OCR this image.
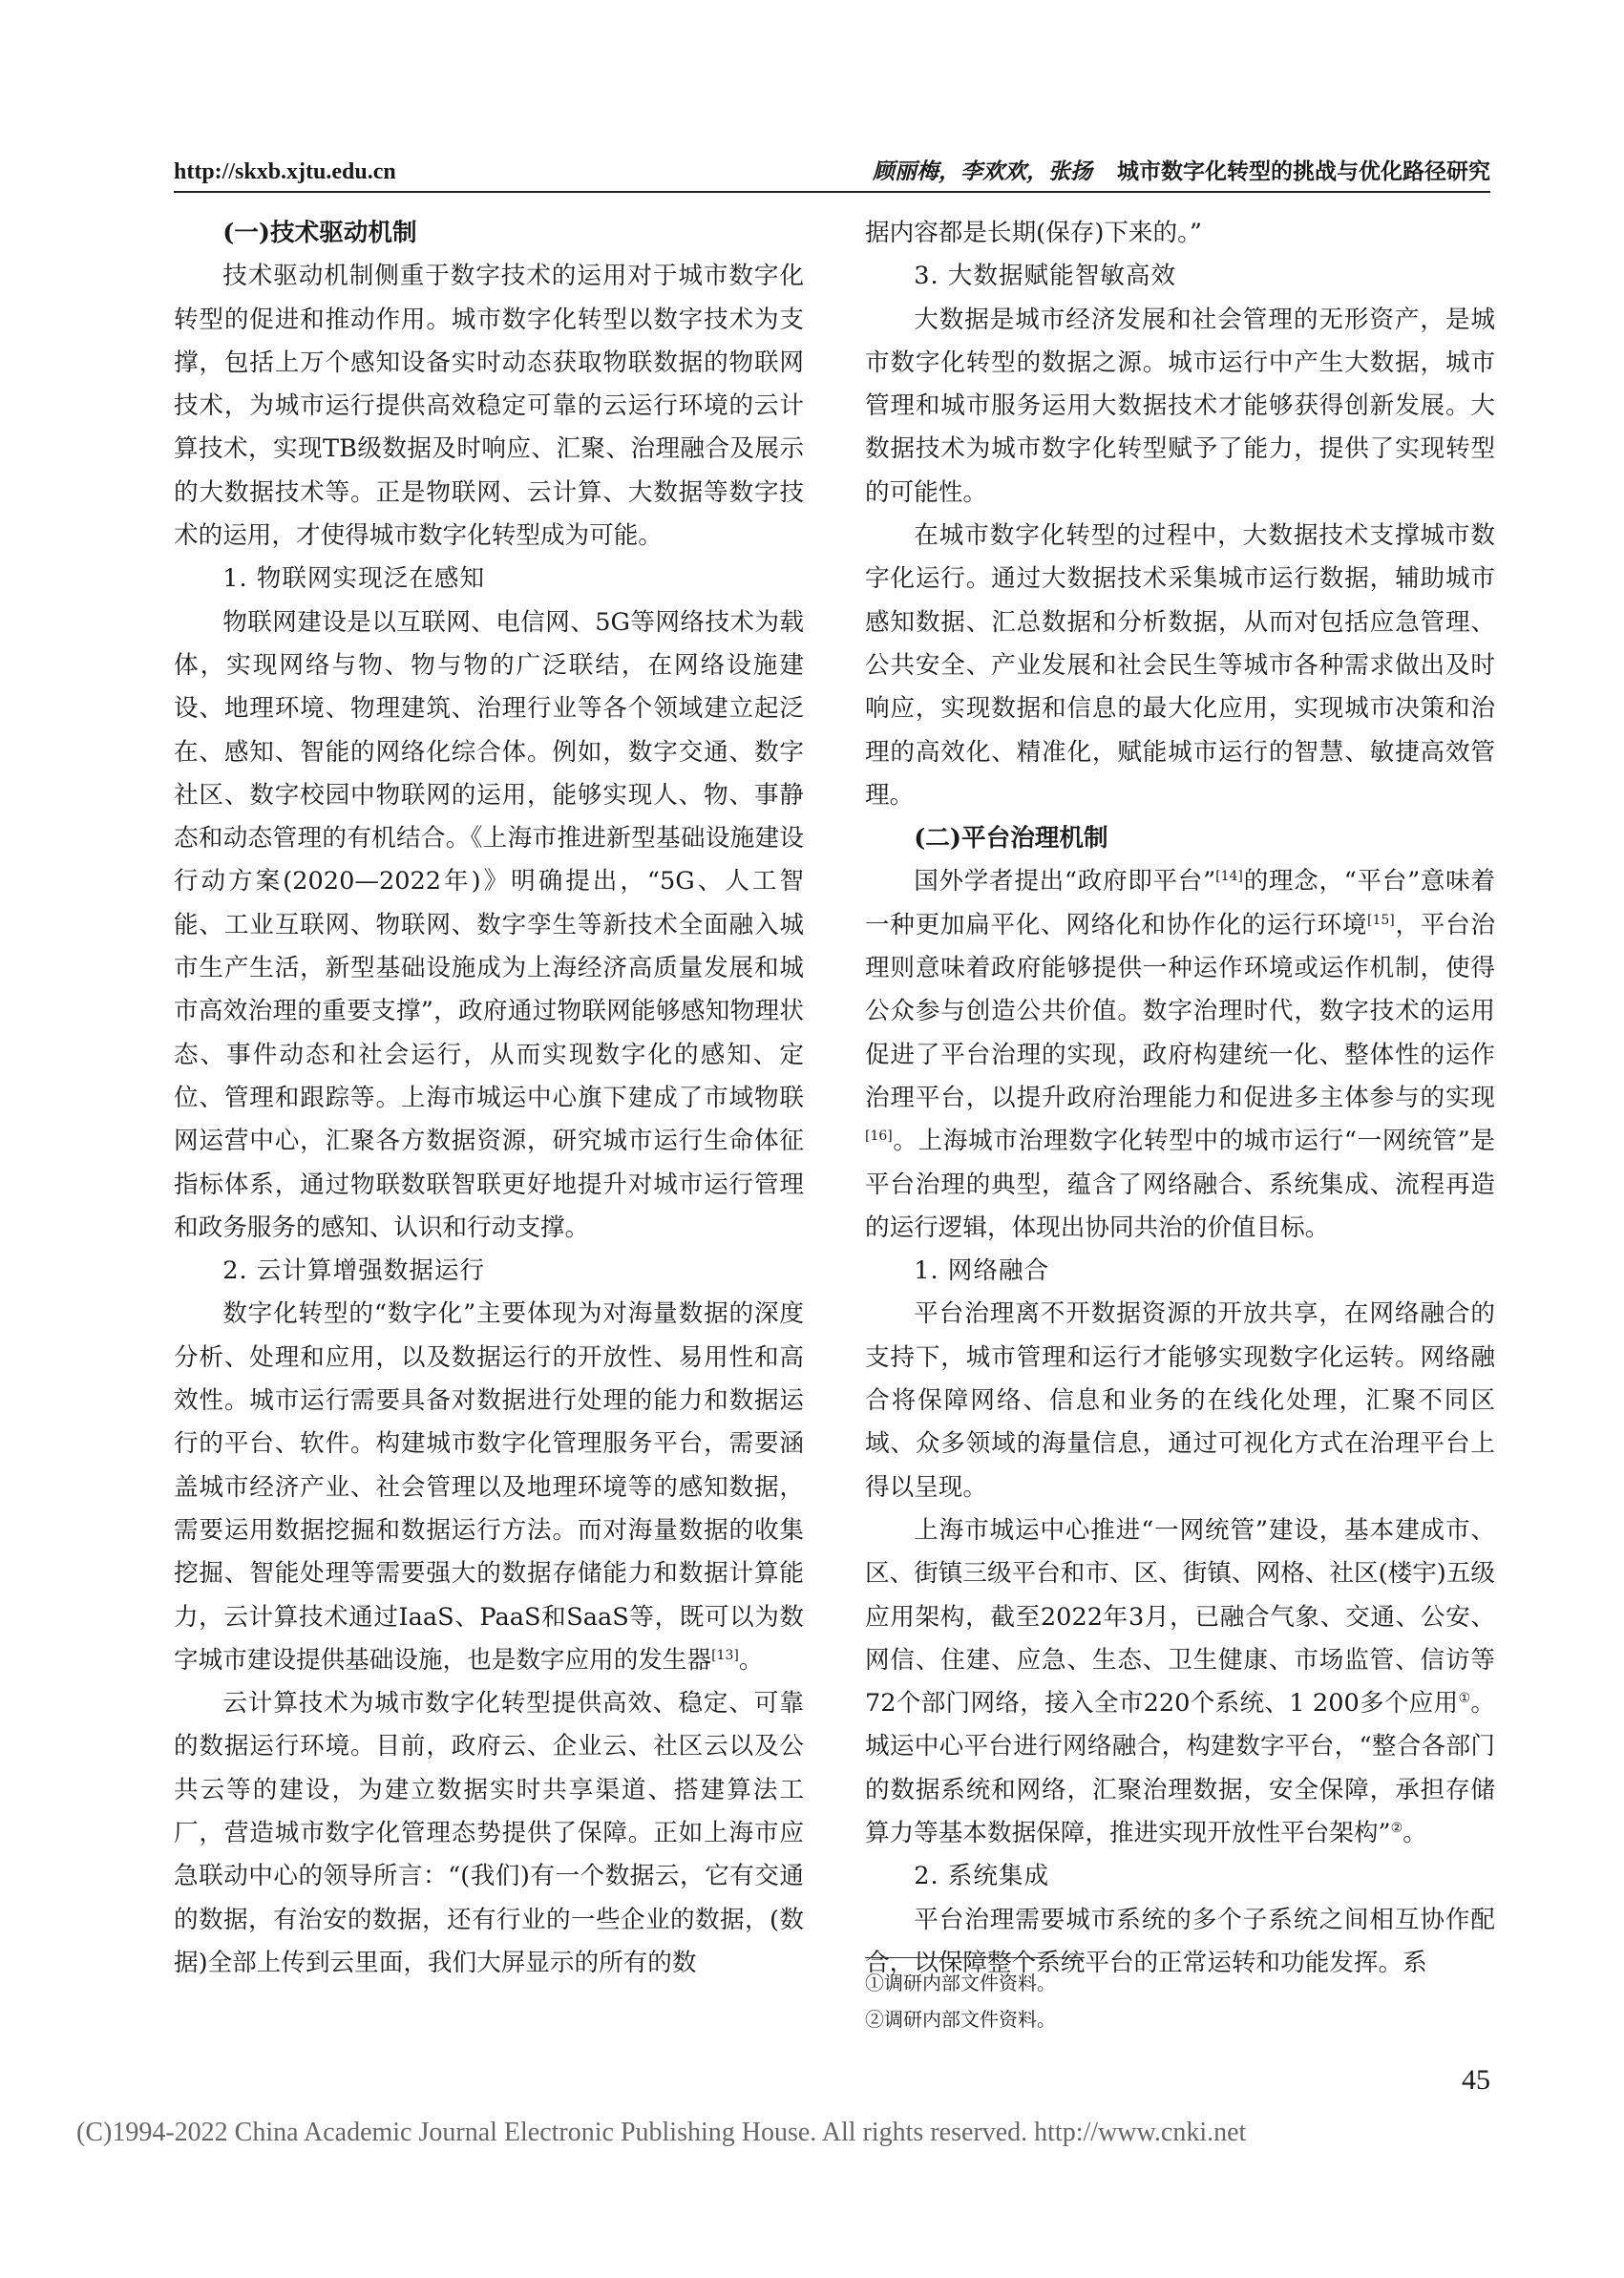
http://skxb.xjtu.edu.cn	顾丽梅，李欢欢，张扬 城市数字化转型的挑战与优化路径研究
(一)技术驱动机制

技术驱动机制侧重于数字技术的运用对于城市数字化转型的促进和推动作用。城市数字化转型以数字技术为支撑，包括上万个感知设备实时动态获取物联数据的物联网技术，为城市运行提供高效稳定可靠的云运行环境的云计算技术，实现TB级数据及时响应、汇聚、治理融合及展示的大数据技术等。正是物联网、云计算、大数据等数字技术的运用，才使得城市数字化转型成为可能。

1. 物联网实现泛在感知

物联网建设是以互联网、电信网、5G等网络技术为载体，实现网络与物、物与物的广泛联结，在网络设施建设、地理环境、物理建筑、治理行业等各个领域建立起泛在、感知、智能的网络化综合体。例如，数字交通、数字社区、数字校园中物联网的运用，能够实现人、物、事静态和动态管理的有机结合。《上海市推进新型基础设施建设行动方案(2020—2022年)》明确提出，“5G、人工智能、工业互联网、物联网、数字孪生等新技术全面融入城市生产生活，新型基础设施成为上海经济高质量发展和城市高效治理的重要支撑”，政府通过物联网能够感知物理状态、事件动态和社会运行，从而实现数字化的感知、定位、管理和跟踪等。上海市城运中心旗下建成了市域物联网运营中心，汇聚各方数据资源，研究城市运行生命体征指标体系，通过物联数联智联更好地提升对城市运行管理和政务服务的感知、认识和行动支撑。

2. 云计算增强数据运行

数字化转型的“数字化”主要体现为对海量数据的深度分析、处理和应用，以及数据运行的开放性、易用性和高效性。城市运行需要具备对数据进行处理的能力和数据运行的平台、软件。构建城市数字化管理服务平台，需要涵盖城市经济产业、社会管理以及地理环境等的感知数据，需要运用数据挖掘和数据运行方法。而对海量数据的收集挖掘、智能处理等需要强大的数据存储能力和数据计算能力，云计算技术通过IaaS、PaaS和SaaS等，既可以为数字城市建设提供基础设施，也是数字应用的发生器[13]。

云计算技术为城市数字化转型提供高效、稳定、可靠的数据运行环境。目前，政府云、企业云、社区云以及公共云等的建设，为建立数据实时共享渠道、搭建算法工厂，营造城市数字化管理态势提供了保障。正如上海市应急联动中心的领导所言：“(我们)有一个数据云，它有交通的数据，有治安的数据，还有行业的一些企业的数据，(数据)全部上传到云里面，我们大屏显示的所有的数

据内容都是长期(保存)下来的。”

3. 大数据赋能智敏高效

大数据是城市经济发展和社会管理的无形资产，是城市数字化转型的数据之源。城市运行中产生大数据，城市管理和城市服务运用大数据技术才能够获得创新发展。大数据技术为城市数字化转型赋予了能力，提供了实现转型的可能性。

在城市数字化转型的过程中，大数据技术支撑城市数字化运行。通过大数据技术采集城市运行数据，辅助城市感知数据、汇总数据和分析数据，从而对包括应急管理、公共安全、产业发展和社会民生等城市各种需求做出及时响应，实现数据和信息的最大化应用，实现城市决策和治理的高效化、精准化，赋能城市运行的智慧、敏捷高效管理。

(二)平台治理机制

国外学者提出“政府即平台”[14]的理念，“平台”意味着一种更加扁平化、网络化和协作化的运行环境[15]，平台治理则意味着政府能够提供一种运作环境或运作机制，使得公众参与创造公共价值。数字治理时代，数字技术的运用促进了平台治理的实现，政府构建统一化、整体性的运作治理平台，以提升政府治理能力和促进多主体参与的实现[16]。上海城市治理数字化转型中的城市运行“一网统管”是平台治理的典型，蕴含了网络融合、系统集成、流程再造的运行逻辑，体现出协同共治的价值目标。

1. 网络融合

平台治理离不开数据资源的开放共享，在网络融合的支持下，城市管理和运行才能够实现数字化运转。网络融合将保障网络、信息和业务的在线化处理，汇聚不同区域、众多领域的海量信息，通过可视化方式在治理平台上得以呈现。

上海市城运中心推进“一网统管”建设，基本建成市、区、街镇三级平台和市、区、街镇、网格、社区(楼宇)五级应用架构，截至2022年3月，已融合气象、交通、公安、网信、住建、应急、生态、卫生健康、市场监管、信访等72个部门网络，接入全市220个系统、1 200多个应用①。城运中心平台进行网络融合，构建数字平台，“整合各部门的数据系统和网络，汇聚治理数据，安全保障，承担存储算力等基本数据保障，推进实现开放性平台架构”②。

2. 系统集成

平台治理需要城市系统的多个子系统之间相互协作配合，以保障整个系统平台的正常运转和功能发挥。系

①调研内部文件资料。
②调研内部文件资料。
45
(C)1994-2022 China Academic Journal Electronic Publishing House. All rights reserved. http://www.cnki.net
